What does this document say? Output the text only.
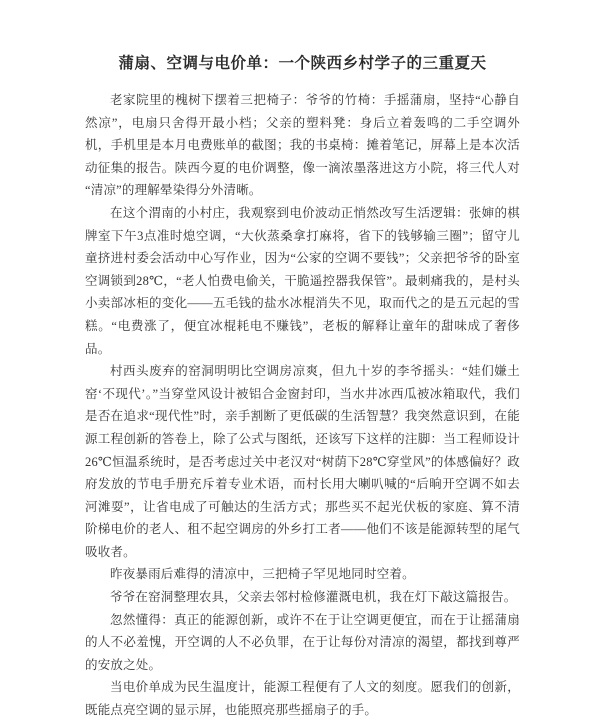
蒲扇、空调与电价单：一个陕西乡村学子的三重夏天

老家院里的槐树下摆着三把椅子：爷爷的竹椅：手摇蒲扇，坚持“心静自然凉”，电扇只舍得开最小档；父亲的塑料凳：身后立着轰鸣的二手空调外机，手机里是本月电费账单的截图；我的书桌椅：摊着笔记，屏幕上是本次活动征集的报告。陕西今夏的电价调整，像一滴浓墨落进这方小院，将三代人对“清凉”的理解晕染得分外清晰。

在这个渭南的小村庄，我观察到电价波动正悄然改写生活逻辑：张婶的棋牌室下午3点准时熄空调，“大伙蒸桑拿打麻将，省下的钱够输三圈”；留守儿童挤进村委会活动中心写作业，因为“公家的空调不要钱”；父亲把爷爷的卧室空调锁到28℃，“老人怕费电偷关，干脆遥控器我保管”。最刺痛我的，是村头小卖部冰柜的变化——五毛钱的盐水冰棍消失不见，取而代之的是五元起的雪糕。“电费涨了，便宜冰棍耗电不赚钱”，老板的解释让童年的甜味成了奢侈品。

村西头废弃的窑洞明明比空调房凉爽，但九十岁的李爷摇头：“娃们嫌土窑‘不现代’。”当穿堂风设计被铝合金窗封印，当水井冰西瓜被冰箱取代，我们是否在追求“现代性”时，亲手割断了更低碳的生活智慧？我突然意识到，在能源工程创新的答卷上，除了公式与图纸，还该写下这样的注脚：当工程师设计26℃恒温系统时，是否考虑过关中老汉对“树荫下28℃穿堂风”的体感偏好？政府发放的节电手册充斥着专业术语，而村长用大喇叭喊的“后晌开空调不如去河滩耍”，让省电成了可触达的生活方式；那些买不起光伏板的家庭、算不清阶梯电价的老人、租不起空调房的外乡打工者——他们不该是能源转型的尾气吸收者。

昨夜暴雨后难得的清凉中，三把椅子罕见地同时空着。

爷爷在窑洞整理农具，父亲去邻村检修灌溉电机，我在灯下敲这篇报告。

忽然懂得：真正的能源创新，或许不在于让空调更便宜，而在于让摇蒲扇的人不必羞愧，开空调的人不必负罪，在于让每份对清凉的渴望，都找到尊严的安放之处。

当电价单成为民生温度计，能源工程便有了人文的刻度。愿我们的创新，既能点亮空调的显示屏，也能照亮那些摇扇子的手。
